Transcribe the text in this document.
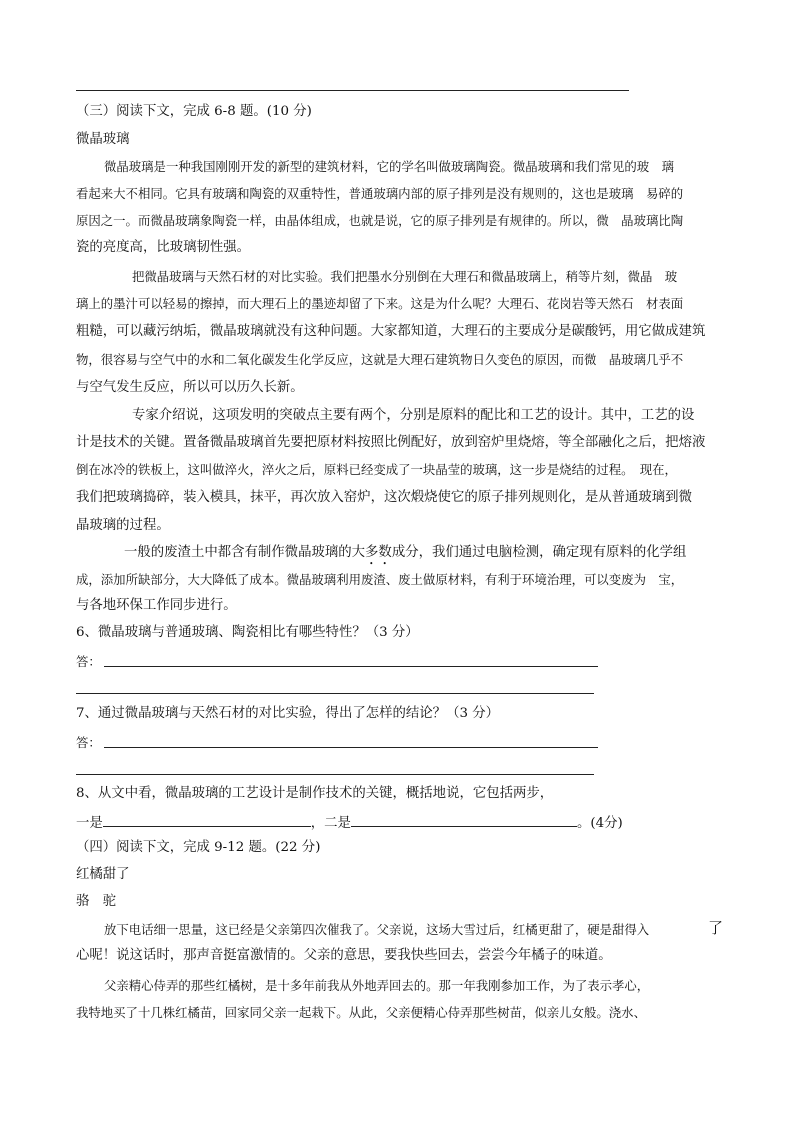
（三）阅读下文，完成 6-8 题。(10 分)
微晶玻璃
微晶玻璃是一种我国刚刚开发的新型的建筑材料，它的学名叫做玻璃陶瓷。微晶玻璃和我们常见的玻　璃
看起来大不相同。它具有玻璃和陶瓷的双重特性，普通玻璃内部的原子排列是没有规则的，这也是玻璃　易碎的
原因之一。而微晶玻璃象陶瓷一样，由晶体组成，也就是说，它的原子排列是有规律的。所以，微　晶玻璃比陶
瓷的亮度高，比玻璃韧性强。
把微晶玻璃与天然石材的对比实验。我们把墨水分别倒在大理石和微晶玻璃上，稍等片刻，微晶　玻
璃上的墨汁可以轻易的擦掉，而大理石上的墨迹却留了下来。这是为什么呢？大理石、花岗岩等天然石　材表面
粗糙，可以藏污纳垢，微晶玻璃就没有这种问题。大家都知道，大理石的主要成分是碳酸钙，用它做成建筑
物，很容易与空气中的水和二氧化碳发生化学反应，这就是大理石建筑物日久变色的原因，而微　晶玻璃几乎不
与空气发生反应，所以可以历久长新。
专家介绍说，这项发明的突破点主要有两个，分别是原料的配比和工艺的设计。其中，工艺的设
计是技术的关键。置备微晶玻璃首先要把原材料按照比例配好，放到窑炉里烧熔，等全部融化之后，把熔液
倒在冰冷的铁板上，这叫做淬火，淬火之后，原料已经变成了一块晶莹的玻璃，这一步是烧结的过程。　现在，
我们把玻璃捣碎，装入模具，抹平，再次放入窑炉，这次煅烧使它的原子排列规则化，是从普通玻璃到微
晶玻璃的过程。
一般的废渣土中都含有制作微晶玻璃的大多数成分，我们通过电脑检测，确定现有原料的化学组
成，添加所缺部分，大大降低了成本。微晶玻璃利用废渣、废土做原材料，有利于环境治理，可以变废为　宝，
与各地环保工作同步进行。
6、微晶玻璃与普通玻璃、陶瓷相比有哪些特性？（3 分）
答：
7、通过微晶玻璃与天然石材的对比实验，得出了怎样的结论？（3 分）
答：
8、从文中看，微晶玻璃的工艺设计是制作技术的关键，概括地说，它包括两步，
一是	，二是	。(4分)
（四）阅读下文，完成 9-12 题。(22 分)
红橘甜了
骆　驼
放下电话细一思量，这已经是父亲第四次催我了。父亲说，这场大雪过后，红橘更甜了，硬是甜得入	了
心呢！说这话时，那声音挺富激情的。父亲的意思，要我快些回去，尝尝今年橘子的味道。
父亲精心侍弄的那些红橘树，是十多年前我从外地弄回去的。那一年我刚参加工作，为了表示孝心，
我特地买了十几株红橘苗，回家同父亲一起栽下。从此，父亲便精心侍弄那些树苗，似亲儿女般。浇水、
